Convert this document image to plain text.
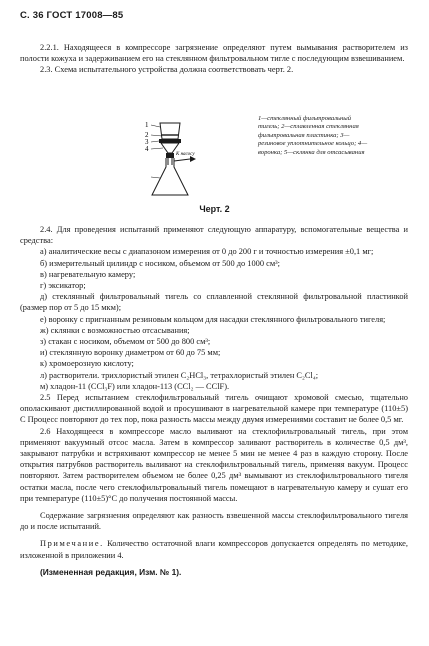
С. 36 ГОСТ 17008—85

2.2.1. Находящееся в компрессоре загрязнение определяют путем вымывания растворителем из полости кожуха и задерживанием его на стеклянном фильтровальном тигле с последующим взвешиванием.

2.3. Схема испытательного устройства должна соответствовать черт. 2.

1
2
3
4
К насосу
1—стеклянный фильтровальный тигель; 2—сплавленная стеклянная фильтровальная пластинка; 3—резиновое уплотнительное кольцо; 4—воронка; 5—склянка для отсасывания
Черт. 2

2.4. Для проведения испытаний применяют следующую аппаратуру, вспомогательные вещества и средства:

а) аналитические весы с диапазоном измерения от 0 до 200 г и точностью измерения ±0,1 мг;

б) измерительный цилиндр с носиком, объемом от 500 до 1000 см³;

в) нагревательную камеру;

г) эксикатор;

д) стеклянный фильтровальный тигель со сплавленной стеклянной фильтровальной пластинкой (размер пор от 5 до 15 мкм);

е) воронку с пригнанным резиновым кольцом для насадки стеклянного фильтровального тигеля;

ж) склянки с возможностью отсасывания;

з) стакан с носиком, объемом от 500 до 800 см³;

и) стеклянную воронку диаметром от 60 до 75 мм;

к) хромоерозную кислоту;

л) растворители. трихлористый этилен C₂HCl₃, тетрахлористый этилен C₂Cl₄;

м) хладон-11 (CCl₃F) или хладон-113 (CCl₂ — CClF).

2.5 Перед испытанием стеклофильтровальный тигель очищают хромовой смесью, тщательно ополаскивают дистиллированной водой и просушивают в нагревательной камере при температуре (110±5) С Процесс повторяют до тех пор, пока разность массы между двумя измерениями составит не более 0,5 мг.

2.6 Находящееся в компрессоре масло выливают на стеклофильтровальный тигель, при этом применяют вакуумный отсос масла. Затем в компрессор заливают растворитель в количестве 0,5 дм³, закрывают патрубки и встряхивают компрессор не менее 5 мин не менее 4 раз в каждую сторону. После открытия патрубков растворитель выливают на стеклофильтровальный тигель, применяя вакуум. Процесс повторяют. Затем растворителем объемом не более 0,25 дм³ вымывают из стеклофильтровального тигеля остатки масла, после чего стеклофильтровальный тигель помещают в нагревательную камеру и сушат его при температуре (110±5)°С до получения постоянной массы.

Содержание загрязнения определяют как разность взвешенной массы стеклофильтровального тигеля до и после испытаний.

Примечание. Количество остаточной влаги компрессоров допускается определять по методике, изложенной в приложении 4.

(Измененная редакция, Изм. № 1).
